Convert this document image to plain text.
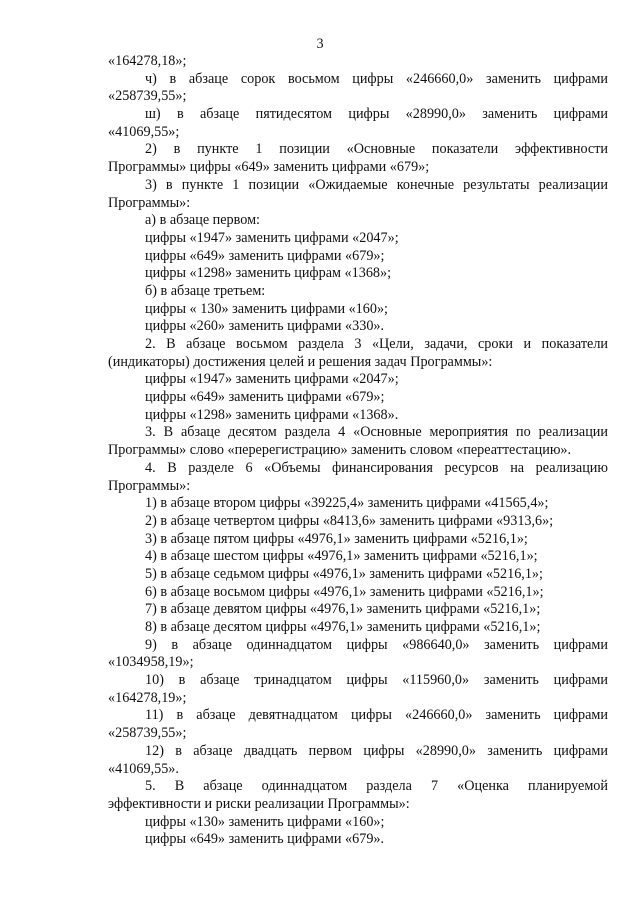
3
«164278,18»;
ч) в абзаце сорок восьмом цифры «246660,0» заменить цифрами
«258739,55»;
ш) в абзаце пятидесятом цифры «28990,0» заменить цифрами
«41069,55»;
2) в пункте 1 позиции «Основные показатели эффективности
Программы» цифры «649» заменить цифрами «679»;
3) в пункте 1 позиции «Ожидаемые конечные результаты реализации
Программы»:
а) в абзаце первом:
цифры «1947» заменить цифрами «2047»;
цифры «649» заменить цифрами «679»;
цифры «1298» заменить цифрам «1368»;
б) в абзаце третьем:
цифры « 130» заменить цифрами «160»;
цифры «260» заменить цифрами «330».
2. В абзаце восьмом раздела 3 «Цели, задачи, сроки и показатели
(индикаторы) достижения целей и решения задач Программы»:
цифры «1947» заменить цифрами «2047»;
цифры «649» заменить цифрами «679»;
цифры «1298» заменить цифрами «1368».
3. В абзаце десятом раздела 4 «Основные мероприятия по реализации
Программы» слово «перерегистрацию» заменить словом «переаттестацию».
4. В разделе 6 «Объемы финансирования ресурсов на реализацию
Программы»:
1) в абзаце втором цифры «39225,4» заменить цифрами «41565,4»;
2) в абзаце четвертом цифры «8413,6» заменить цифрами «9313,6»;
3) в абзаце пятом цифры «4976,1» заменить цифрами «5216,1»;
4) в абзаце шестом цифры «4976,1» заменить цифрами «5216,1»;
5) в абзаце седьмом цифры «4976,1» заменить цифрами «5216,1»;
6) в абзаце восьмом цифры «4976,1» заменить цифрами «5216,1»;
7) в абзаце девятом цифры «4976,1» заменить цифрами «5216,1»;
8) в абзаце десятом цифры «4976,1» заменить цифрами «5216,1»;
9) в абзаце одиннадцатом цифры «986640,0» заменить цифрами
«1034958,19»;
10) в абзаце тринадцатом цифры «115960,0» заменить цифрами
«164278,19»;
11) в абзаце девятнадцатом цифры «246660,0» заменить цифрами
«258739,55»;
12) в абзаце двадцать первом цифры «28990,0» заменить цифрами
«41069,55».
5. В абзаце одиннадцатом раздела 7 «Оценка планируемой
эффективности и риски реализации Программы»:
цифры «130» заменить цифрами «160»;
цифры «649» заменить цифрами «679».
